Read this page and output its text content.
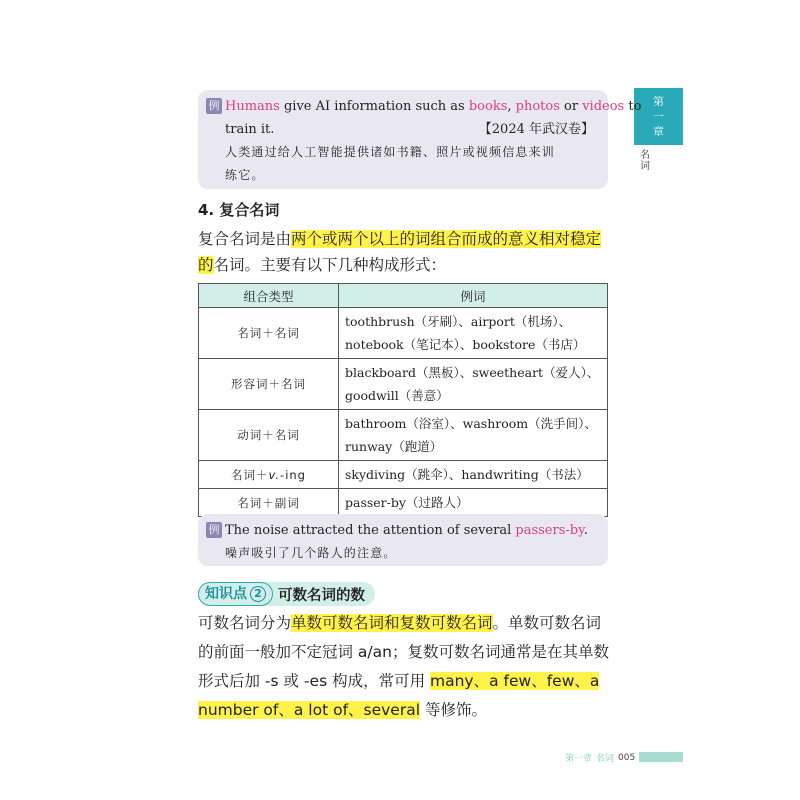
第
一
章
名
词
例 Humans give AI information such as books, photos or videos to
train it.	【2024 年武汉卷】
人类通过给人工智能提供诸如书籍、照片或视频信息来训
练它。
4. 复合名词
复合名词是由两个或两个以上的词组合而成的意义相对稳定的名词。主要有以下几种构成形式：
组合类型	例词
名词＋名词	toothbrush（牙刷）、airport（机场）、
notebook（笔记本）、bookstore（书店）

形容词＋名词	blackboard（黑板）、sweetheart（爱人）、
goodwill（善意）

动词＋名词	bathroom（浴室）、washroom（洗手间）、
runway（跑道）

名词＋v.-ing	skydiving（跳伞）、handwriting（书法）

名词＋副词	passer-by（过路人）
例 The noise attracted the attention of several passers-by.
噪声吸引了几个路人的注意。
知识点 2 可数名词的数
可数名词分为单数可数名词和复数可数名词。单数可数名词的前面一般加不定冠词 a/an；复数可数名词通常是在其单数形式后加 -s 或 -es 构成，常可用 many、a few、few、a number of、a lot of、several 等修饰。
第一章 名词 005
